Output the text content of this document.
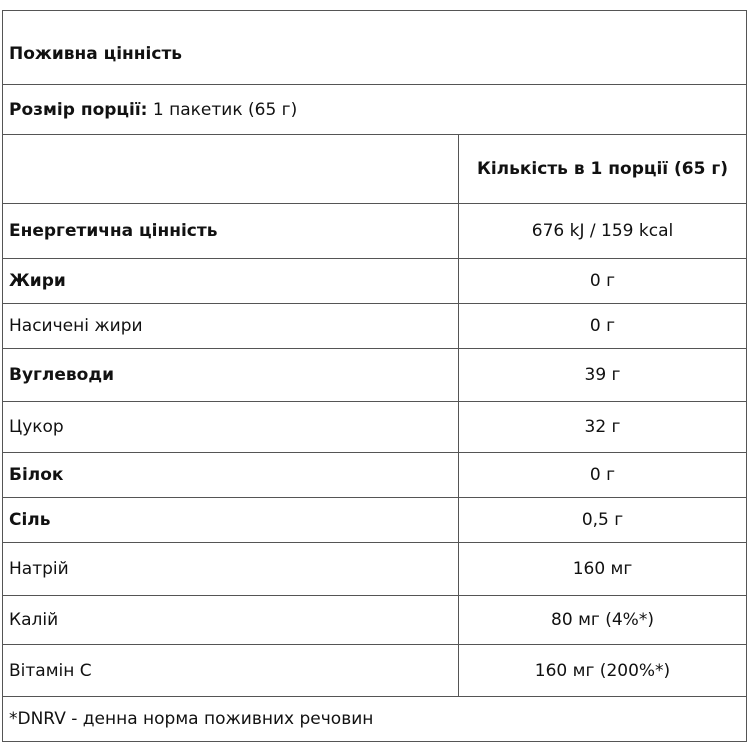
Поживна цінність	
Розмір порції: 1 пакетик (65 г)	
	Кількість в 1 порції (65 г)
Енергетична цінність	676 kJ / 159 kcal
Жири	0 г
Насичені жири	0 г
Вуглеводи	39 г
Цукор	32 г
Білок	0 г
Сіль	0,5 г
Натрій	160 мг
Калій	80 мг (4%*)
Вітамін C	160 мг (200%*)
*DNRV - денна норма поживних речовин	
